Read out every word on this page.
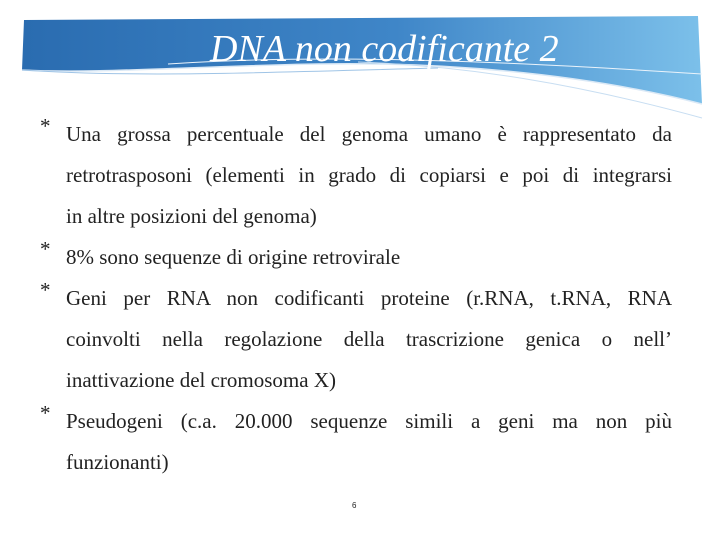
DNA non codificante 2
* Una grossa percentuale del genoma umano è rappresentato da
retrotrasposoni (elementi in grado di copiarsi e poi di integrarsi
in altre posizioni del genoma)
* 8% sono sequenze di origine retrovirale
* Geni per RNA non codificanti proteine (r.RNA, t.RNA, RNA
coinvolti nella regolazione della trascrizione genica o nell’
inattivazione del cromosoma X)
* Pseudogeni (c.a. 20.000 sequenze simili a geni ma non più
funzionanti)
6
